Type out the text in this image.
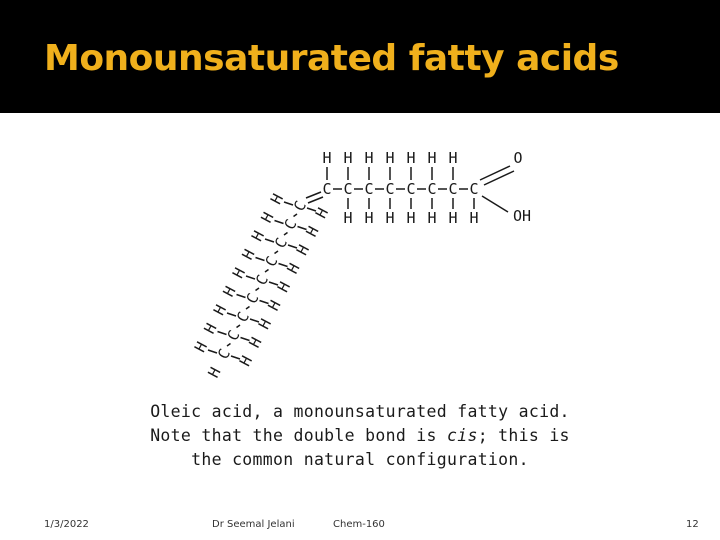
Monounsaturated fatty acids
C
H
H
C
H
H
C
H
H
C
H
H
C
H
H
C
H
H
C
H
H
C
O
OH
C
H
H
C
H
H
C
H
H
C
H
H
C
H
H
C
H
H
C
H
H
C
H
H
C
H
H
H
Oleic acid, a monounsaturated fatty acid.
Note that the double bond is cis; this is
the common natural configuration.
1/3/2022	Dr Seemal Jelani	Chem-160	12
